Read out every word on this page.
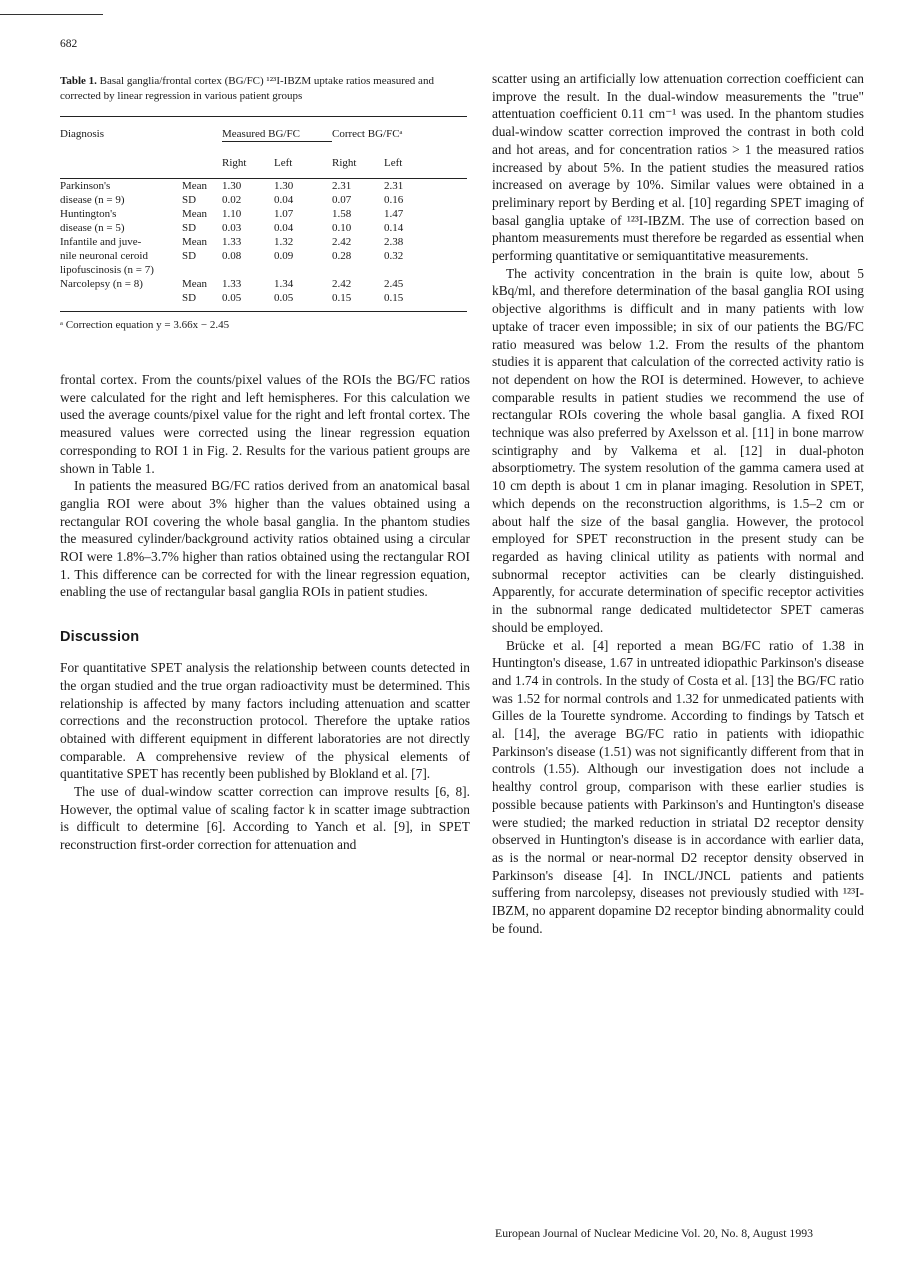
682
Table 1. Basal ganglia/frontal cortex (BG/FC) ¹²³I-IBZM uptake ratios measured and corrected by linear regression in various patient groups
Diagnosis		Measured BG/FC		Correct BG/FCᵃ	
		Right	Left	Right	Left
Parkinson's	Mean	1.30	1.30	2.31	2.31
disease (n = 9)	SD	0.02	0.04	0.07	0.16
Huntington's	Mean	1.10	1.07	1.58	1.47
disease (n = 5)	SD	0.03	0.04	0.10	0.14
Infantile and juve-	Mean	1.33	1.32	2.42	2.38
nile neuronal ceroid	SD	0.08	0.09	0.28	0.32
lipofuscinosis (n = 7)					
Narcolepsy (n = 8)	Mean	1.33	1.34	2.42	2.45
	SD	0.05	0.05	0.15	0.15
ᵃ Correction equation y = 3.66x − 2.45

frontal cortex. From the counts/pixel values of the ROIs the BG/FC ratios were calculated for the right and left hemispheres. For this calculation we used the average counts/pixel value for the right and left frontal cortex. The measured values were corrected using the linear regression equation corresponding to ROI 1 in Fig. 2. Results for the various patient groups are shown in Table 1.

In patients the measured BG/FC ratios derived from an anatomical basal ganglia ROI were about 3% higher than the values obtained using a rectangular ROI covering the whole basal ganglia. In the phantom studies the measured cylinder/background activity ratios obtained using a circular ROI were 1.8%–3.7% higher than ratios obtained using the rectangular ROI 1. This difference can be corrected for with the linear regression equation, enabling the use of rectangular basal ganglia ROIs in patient studies.

Discussion

For quantitative SPET analysis the relationship between counts detected in the organ studied and the true organ radioactivity must be determined. This relationship is affected by many factors including attenuation and scatter corrections and the reconstruction protocol. Therefore the uptake ratios obtained with different equipment in different laboratories are not directly comparable. A comprehensive review of the physical elements of quantitative SPET has recently been published by Blokland et al. [7].

The use of dual-window scatter correction can improve results [6, 8]. However, the optimal value of scaling factor k in scatter image subtraction is difficult to determine [6]. According to Yanch et al. [9], in SPET reconstruction first-order correction for attenuation and

scatter using an artificially low attenuation correction coefficient can improve the result. In the dual-window measurements the "true" attentuation coefficient 0.11 cm⁻¹ was used. In the phantom studies dual-window scatter correction improved the contrast in both cold and hot areas, and for concentration ratios > 1 the measured ratios increased by about 5%. In the patient studies the measured ratios increased on average by 10%. Similar values were obtained in a preliminary report by Berding et al. [10] regarding SPET imaging of basal ganglia uptake of ¹²³I-IBZM. The use of correction based on phantom measurements must therefore be regarded as essential when performing quantitative or semiquantitative measurements.

The activity concentration in the brain is quite low, about 5 kBq/ml, and therefore determination of the basal ganglia ROI using objective algorithms is difficult and in many patients with low uptake of tracer even impossible; in six of our patients the BG/FC ratio measured was below 1.2. From the results of the phantom studies it is apparent that calculation of the corrected activity ratio is not dependent on how the ROI is determined. However, to achieve comparable results in patient studies we recommend the use of rectangular ROIs covering the whole basal ganglia. A fixed ROI technique was also preferred by Axelsson et al. [11] in bone marrow scintigraphy and by Valkema et al. [12] in dual-photon absorptiometry. The system resolution of the gamma camera used at 10 cm depth is about 1 cm in planar imaging. Resolution in SPET, which depends on the reconstruction algorithms, is 1.5–2 cm or about half the size of the basal ganglia. However, the protocol employed for SPET reconstruction in the present study can be regarded as having clinical utility as patients with normal and subnormal receptor activities can be clearly distinguished. Apparently, for accurate determination of specific receptor activities in the subnormal range dedicated multidetector SPET cameras should be employed.

Brücke et al. [4] reported a mean BG/FC ratio of 1.38 in Huntington's disease, 1.67 in untreated idiopathic Parkinson's disease and 1.74 in controls. In the study of Costa et al. [13] the BG/FC ratio was 1.52 for normal controls and 1.32 for unmedicated patients with Gilles de la Tourette syndrome. According to findings by Tatsch et al. [14], the average BG/FC ratio in patients with idiopathic Parkinson's disease (1.51) was not significantly different from that in controls (1.55). Although our investigation does not include a healthy control group, comparison with these earlier studies is possible because patients with Parkinson's and Huntington's disease were studied; the marked reduction in striatal D2 receptor density observed in Huntington's disease is in accordance with earlier data, as is the normal or near-normal D2 receptor density observed in Parkinson's disease [4]. In INCL/JNCL patients and patients suffering from narcolepsy, diseases not previously studied with ¹²³I-IBZM, no apparent dopamine D2 receptor binding abnormality could be found.

European Journal of Nuclear Medicine Vol. 20, No. 8, August 1993
